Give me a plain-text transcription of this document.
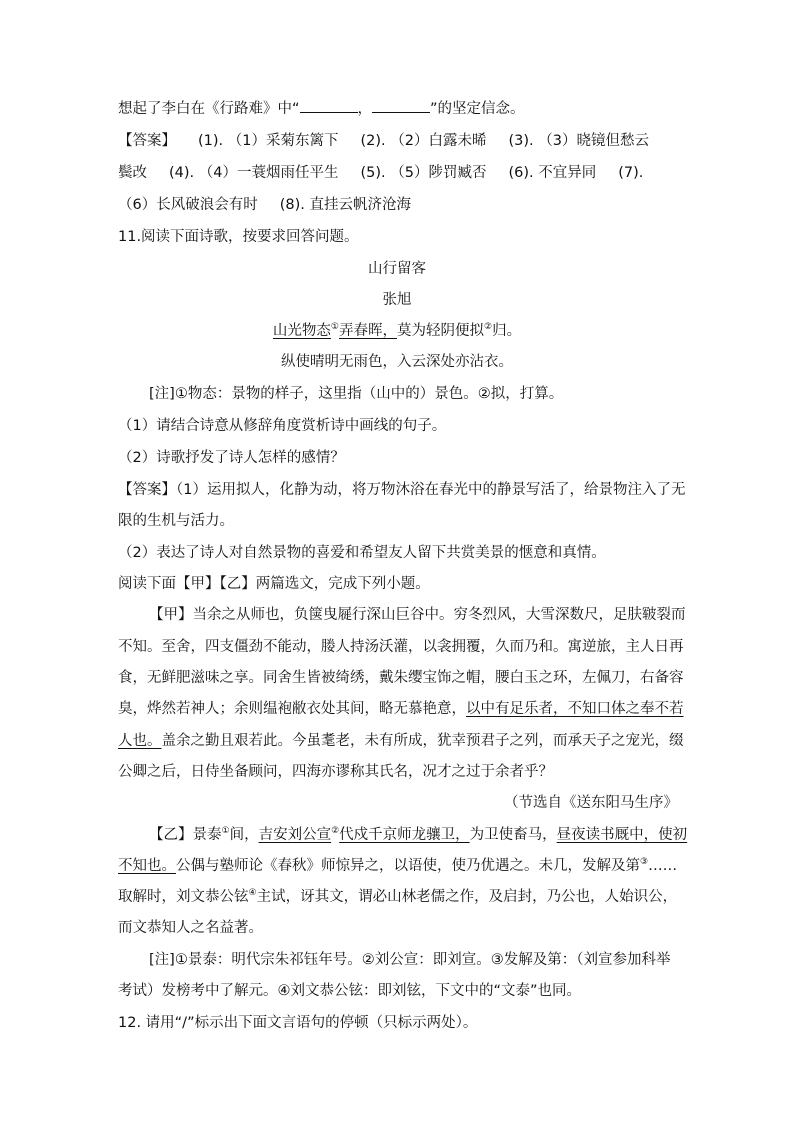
想起了李白在《行路难》中“	，	”的坚定信念。
【答案】 (1). （1）采菊东篱下 (2). （2）白露未晞 (3). （3）晓镜但愁云
鬓改 (4). （4）一蓑烟雨任平生 (5). （5）陟罚臧否 (6). 不宜异同 (7).
（6）长风破浪会有时 (8). 直挂云帆济沧海
11.阅读下面诗歌，按要求回答问题。
山行留客
张旭
山光物态①弄春晖，莫为轻阴便拟②归。
纵使晴明无雨色，入云深处亦沾衣。
[注]①物态：景物的样子，这里指（山中的）景色。②拟，打算。
（1）请结合诗意从修辞角度赏析诗中画线的句子。
（2）诗歌抒发了诗人怎样的感情？
【答案】（1）运用拟人，化静为动，将万物沐浴在春光中的静景写活了，给景物注入了无
限的生机与活力。
（2）表达了诗人对自然景物的喜爱和希望友人留下共赏美景的惬意和真情。
阅读下面【甲】【乙】两篇选文，完成下列小题。
【甲】当余之从师也，负箧曳屣行深山巨谷中。穷冬烈风，大雪深数尺，足肤皲裂而
不知。至舍，四支僵劲不能动，媵人持汤沃灌，以衾拥覆，久而乃和。寓逆旅，主人日再
食，无鲜肥滋味之享。同舍生皆被绮绣，戴朱缨宝饰之帽，腰白玉之环，左佩刀，右备容
臭，烨然若神人；余则缊袍敝衣处其间，略无慕艳意，以中有足乐者，不知口体之奉不若
人也。盖余之勤且艰若此。今虽耄老，未有所成，犹幸预君子之列，而承天子之宠光，缀
公卿之后，日侍坐备顾问，四海亦谬称其氏名，况才之过于余者乎？
（节选自《送东阳马生序》
【乙】景泰①间，吉安刘公宣②代戍千京师龙骧卫，为卫使畜马，昼夜读书厩中，使初
不知也。公偶与塾师论《春秋》师惊异之，以语使，使乃优遇之。未几，发解及第③……
取解时，刘文恭公铉④主试，讶其文，谓必山林老儒之作，及启封，乃公也，人始识公，
而文恭知人之名益著。
[注]①景泰：明代宗朱祁钰年号。②刘公宣：即刘宣。③发解及第：（刘宣参加科举
考试）发榜考中了解元。④刘文恭公铉：即刘铉，下文中的“文泰”也同。
12. 请用“/”标示出下面文言语句的停顿（只标示两处）。
